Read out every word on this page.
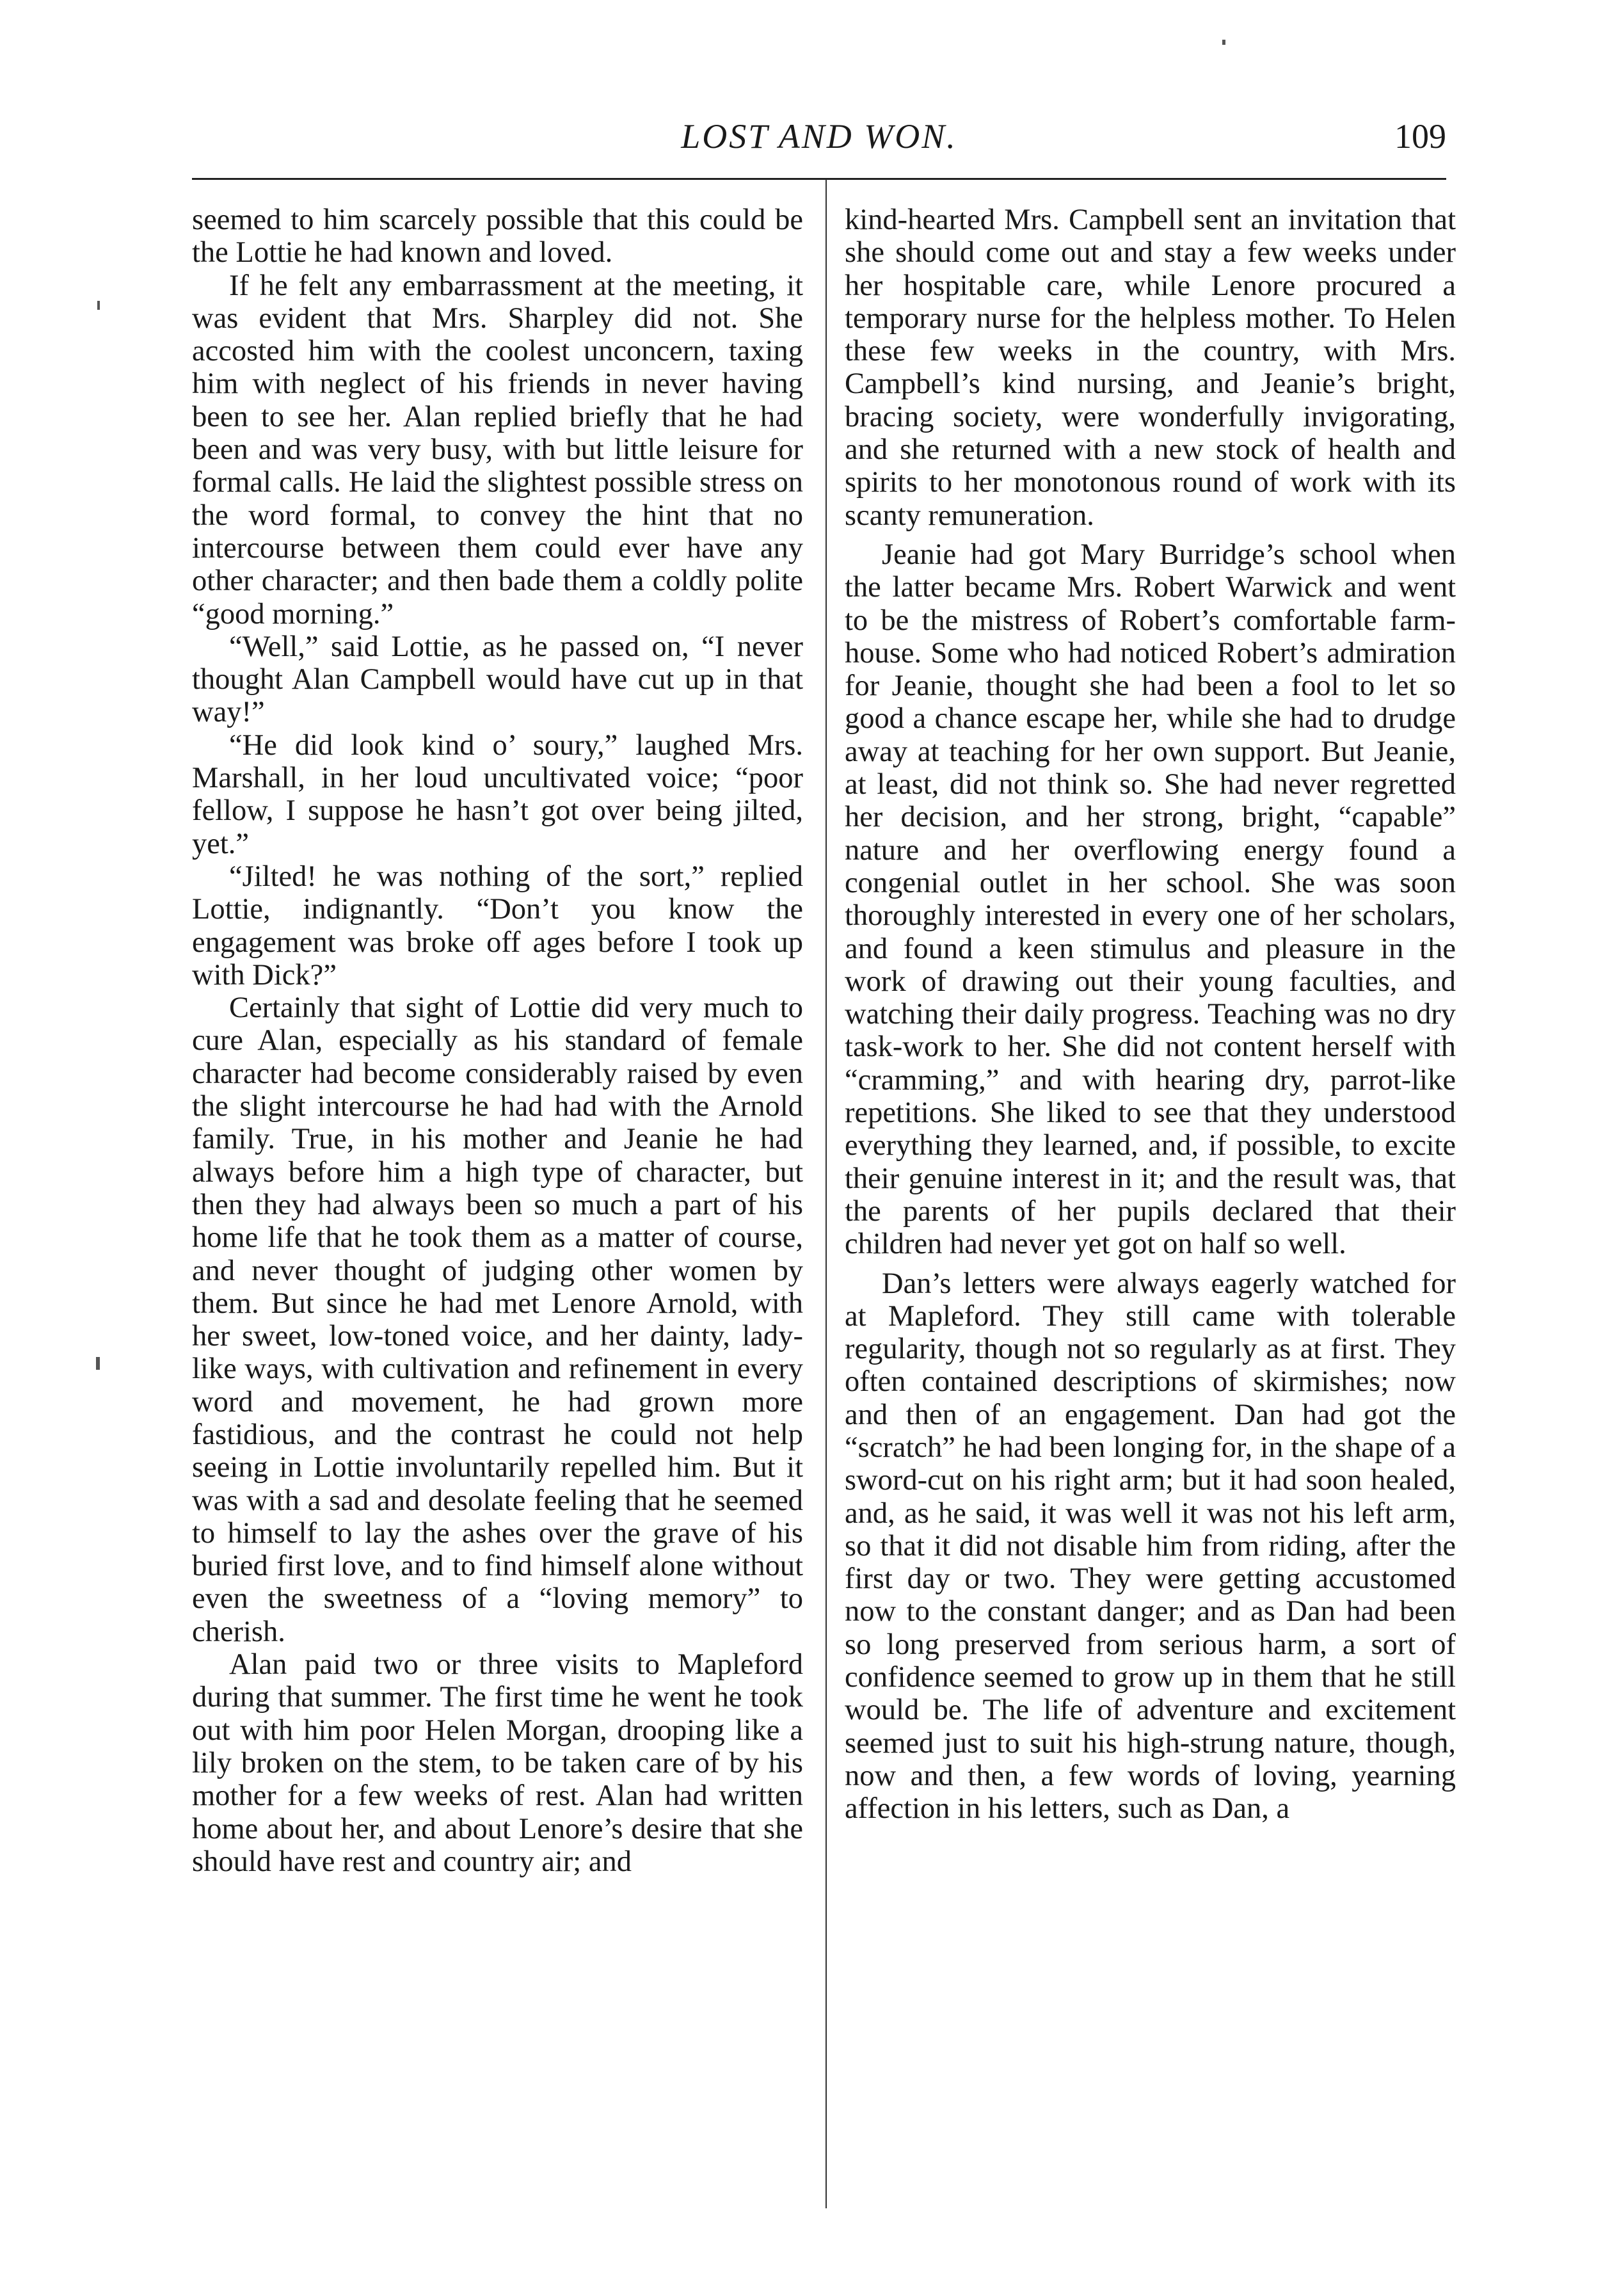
LOST AND WON.	109

seemed to him scarcely possible that this could be the Lottie he had known and loved.

If he felt any embarrassment at the meeting, it was evident that Mrs. Sharpley did not. She accosted him with the coolest unconcern, taxing him with neglect of his friends in never having been to see her. Alan replied briefly that he had been and was very busy, with but little leisure for formal calls. He laid the slightest possible stress on the word formal, to convey the hint that no intercourse between them could ever have any other character; and then bade them a coldly polite “good morning.”

“Well,” said Lottie, as he passed on, “I never thought Alan Campbell would have cut up in that way!”

“He did look kind o’ soury,” laughed Mrs. Marshall, in her loud uncultivated voice; “poor fellow, I suppose he hasn’t got over being jilted, yet.”

“Jilted! he was nothing of the sort,” replied Lottie, indignantly. “Don’t you know the engagement was broke off ages before I took up with Dick?”

Certainly that sight of Lottie did very much to cure Alan, especially as his standard of female character had become considerably raised by even the slight intercourse he had had with the Arnold family. True, in his mother and Jeanie he had always before him a high type of character, but then they had always been so much a part of his home life that he took them as a matter of course, and never thought of judging other women by them. But since he had met Lenore Arnold, with her sweet, low-toned voice, and her dainty, lady-like ways, with cultivation and refinement in every word and movement, he had grown more fastidious, and the contrast he could not help seeing in Lottie involuntarily repelled him. But it was with a sad and desolate feeling that he seemed to himself to lay the ashes over the grave of his buried first love, and to find himself alone without even the sweetness of a “loving memory” to cherish.

Alan paid two or three visits to Mapleford during that summer. The first time he went he took out with him poor Helen Morgan, drooping like a lily broken on the stem, to be taken care of by his mother for a few weeks of rest. Alan had written home about her, and about Lenore’s desire that she should have rest and country air; and

kind-hearted Mrs. Campbell sent an invitation that she should come out and stay a few weeks under her hospitable care, while Lenore procured a temporary nurse for the helpless mother. To Helen these few weeks in the country, with Mrs. Campbell’s kind nursing, and Jeanie’s bright, bracing society, were wonderfully invigorating, and she returned with a new stock of health and spirits to her monotonous round of work with its scanty remuneration.

Jeanie had got Mary Burridge’s school when the latter became Mrs. Robert Warwick and went to be the mistress of Robert’s comfortable farm-house. Some who had noticed Robert’s admiration for Jeanie, thought she had been a fool to let so good a chance escape her, while she had to drudge away at teaching for her own support. But Jeanie, at least, did not think so. She had never regretted her decision, and her strong, bright, “capable” nature and her overflowing energy found a congenial outlet in her school. She was soon thoroughly interested in every one of her scholars, and found a keen stimulus and pleasure in the work of drawing out their young faculties, and watching their daily progress. Teaching was no dry task-work to her. She did not content herself with “cramming,” and with hearing dry, parrot-like repetitions. She liked to see that they understood everything they learned, and, if possible, to excite their genuine interest in it; and the result was, that the parents of her pupils declared that their children had never yet got on half so well.

Dan’s letters were always eagerly watched for at Mapleford. They still came with tolerable regularity, though not so regularly as at first. They often contained descriptions of skirmishes; now and then of an engagement. Dan had got the “scratch” he had been longing for, in the shape of a sword-cut on his right arm; but it had soon healed, and, as he said, it was well it was not his left arm, so that it did not disable him from riding, after the first day or two. They were getting accustomed now to the constant danger; and as Dan had been so long preserved from serious harm, a sort of confidence seemed to grow up in them that he still would be. The life of adventure and excitement seemed just to suit his high-strung nature, though, now and then, a few words of loving, yearning affection in his letters, such as Dan, a
